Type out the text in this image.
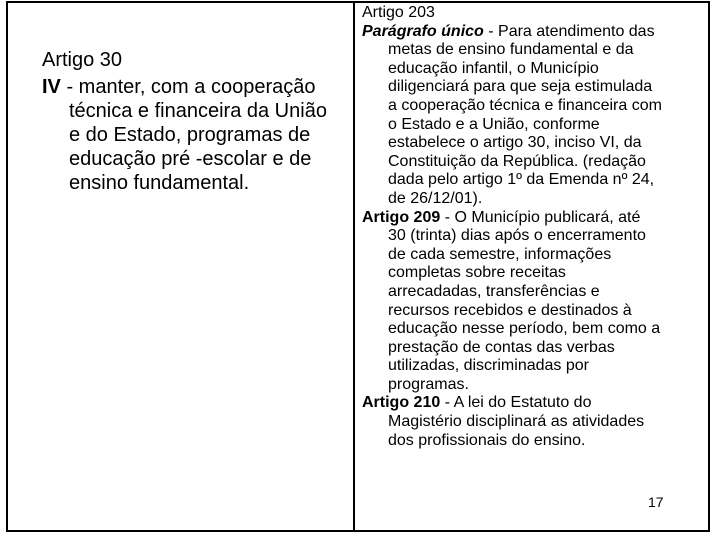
Artigo 30

IV - manter, com a cooperação técnica e financeira da União e do Estado, programas de educação pré -escolar e de ensino fundamental.

Artigo 203

Parágrafo único - Para atendimento das

metas de ensino fundamental e da

educação infantil, o Município

diligenciará para que seja estimulada

a cooperação técnica e financeira com

o Estado e a União, conforme

estabelece o artigo 30, inciso VI, da

Constituição da República. (redação

dada pelo artigo 1º da Emenda nº 24,

de 26/12/01).

Artigo 209 - O Município publicará, até

30 (trinta) dias após o encerramento

de cada semestre, informações

completas sobre receitas

arrecadadas, transferências e

recursos recebidos e destinados à

educação nesse período, bem como a

prestação de contas das verbas

utilizadas, discriminadas por

programas.

Artigo 210 - A lei do Estatuto do

Magistério disciplinará as atividades

dos profissionais do ensino.

17
